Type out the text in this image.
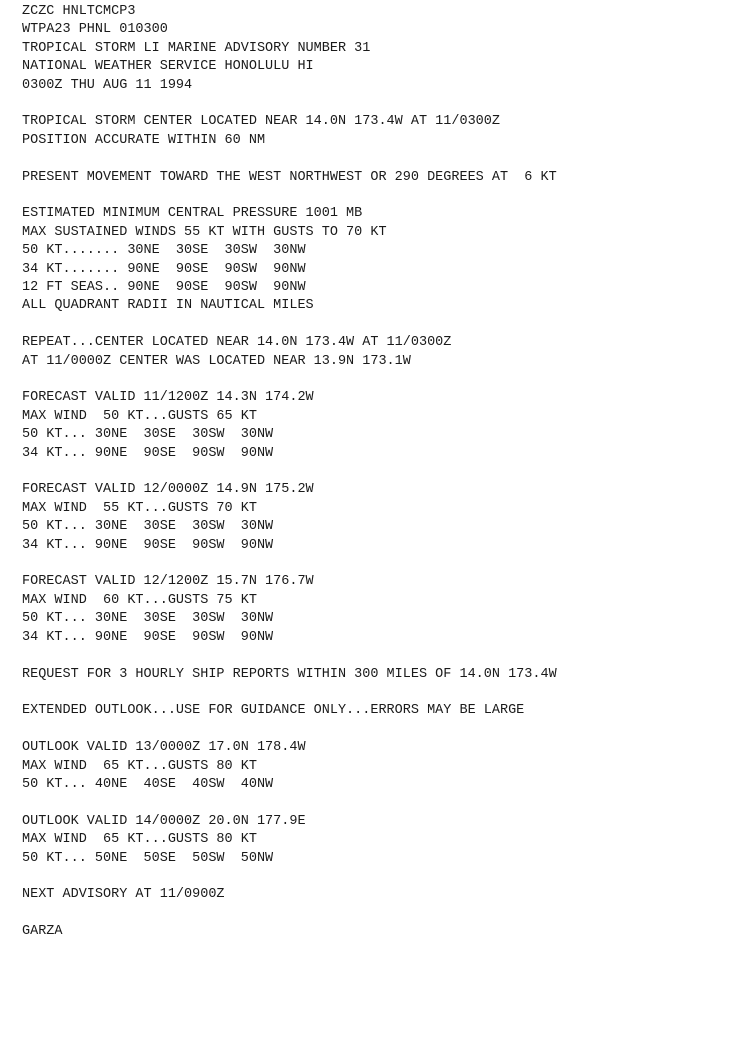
ZCZC HNLTCMCP3
WTPA23 PHNL 010300
TROPICAL STORM LI MARINE ADVISORY NUMBER 31
NATIONAL WEATHER SERVICE HONOLULU HI
0300Z THU AUG 11 1994
TROPICAL STORM CENTER LOCATED NEAR 14.0N 173.4W AT 11/0300Z
POSITION ACCURATE WITHIN 60 NM
PRESENT MOVEMENT TOWARD THE WEST NORTHWEST OR 290 DEGREES AT  6 KT
ESTIMATED MINIMUM CENTRAL PRESSURE 1001 MB
MAX SUSTAINED WINDS 55 KT WITH GUSTS TO 70 KT
50 KT....... 30NE  30SE  30SW  30NW
34 KT....... 90NE  90SE  90SW  90NW
12 FT SEAS.. 90NE  90SE  90SW  90NW
ALL QUADRANT RADII IN NAUTICAL MILES
REPEAT...CENTER LOCATED NEAR 14.0N 173.4W AT 11/0300Z
AT 11/0000Z CENTER WAS LOCATED NEAR 13.9N 173.1W
FORECAST VALID 11/1200Z 14.3N 174.2W
MAX WIND  50 KT...GUSTS 65 KT
50 KT... 30NE  30SE  30SW  30NW
34 KT... 90NE  90SE  90SW  90NW
FORECAST VALID 12/0000Z 14.9N 175.2W
MAX WIND  55 KT...GUSTS 70 KT
50 KT... 30NE  30SE  30SW  30NW
34 KT... 90NE  90SE  90SW  90NW
FORECAST VALID 12/1200Z 15.7N 176.7W
MAX WIND  60 KT...GUSTS 75 KT
50 KT... 30NE  30SE  30SW  30NW
34 KT... 90NE  90SE  90SW  90NW
REQUEST FOR 3 HOURLY SHIP REPORTS WITHIN 300 MILES OF 14.0N 173.4W
EXTENDED OUTLOOK...USE FOR GUIDANCE ONLY...ERRORS MAY BE LARGE
OUTLOOK VALID 13/0000Z 17.0N 178.4W
MAX WIND  65 KT...GUSTS 80 KT
50 KT... 40NE  40SE  40SW  40NW
OUTLOOK VALID 14/0000Z 20.0N 177.9E
MAX WIND  65 KT...GUSTS 80 KT
50 KT... 50NE  50SE  50SW  50NW
NEXT ADVISORY AT 11/0900Z
GARZA
